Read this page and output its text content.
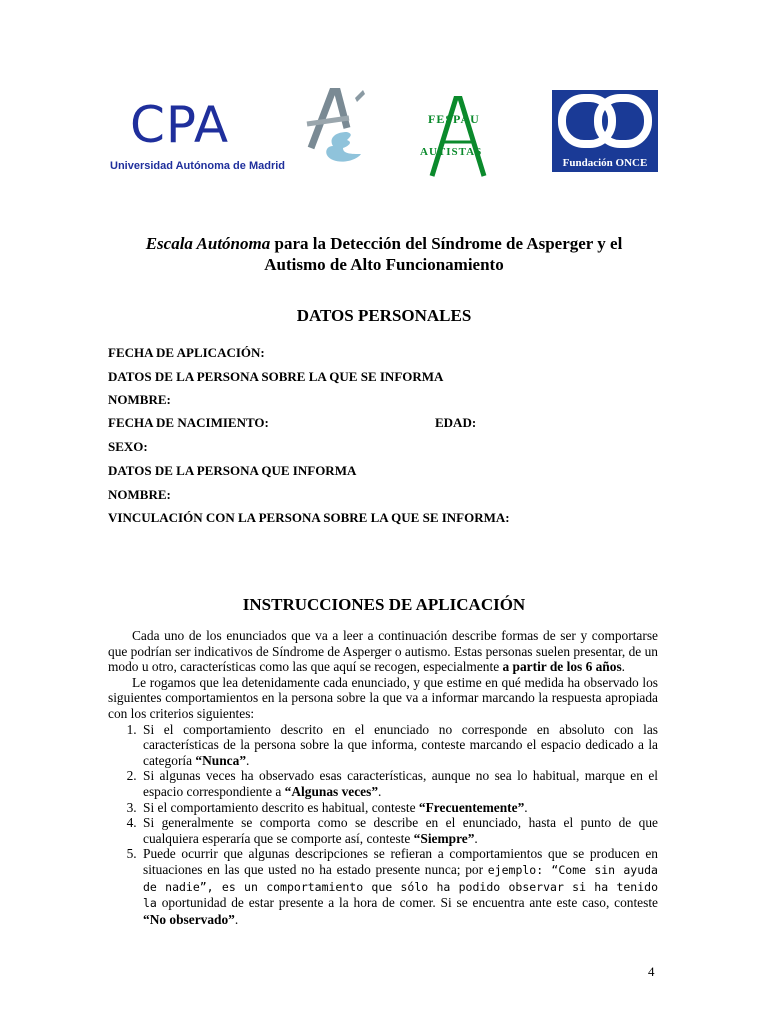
CPA
Universidad Autónoma de Madrid
FESPAU
AUTISTAS
Fundación ONCE
Escala Autónoma para la Detección del Síndrome de Asperger y el
Autismo de Alto Funcionamiento
DATOS PERSONALES
FECHA DE APLICACIÓN:
DATOS DE LA PERSONA SOBRE LA QUE SE INFORMA
NOMBRE:
FECHA DE NACIMIENTO:	EDAD:
SEXO:
DATOS DE LA PERSONA QUE INFORMA
NOMBRE:
VINCULACIÓN CON LA PERSONA SOBRE LA QUE SE INFORMA:
INSTRUCCIONES DE APLICACIÓN

Cada uno de los enunciados que va a leer a continuación describe formas de ser y comportarse que podrían ser indicativos de Síndrome de Asperger o autismo. Estas personas suelen presentar, de un modo u otro, características como las que aquí se recogen, especialmente a partir de los 6 años.

Le rogamos que lea detenidamente cada enunciado, y que estime en qué medida ha observado los siguientes comportamientos en la persona sobre la que va a informar marcando la respuesta apropiada con los criterios siguientes:

1. Si el comportamiento descrito en el enunciado no corresponde en absoluto con las características de la persona sobre la que informa, conteste marcando el espacio dedicado a la categoría “Nunca”.
2. Si algunas veces ha observado esas características, aunque no sea lo habitual, marque en el espacio correspondiente a “Algunas veces”.
3. Si el comportamiento descrito es habitual, conteste “Frecuentemente”.
4. Si generalmente se comporta como se describe en el enunciado, hasta el punto de que cualquiera esperaría que se comporte así, conteste “Siempre”.
5. Puede ocurrir que algunas descripciones se refieran a comportamientos que se producen en situaciones en las que usted no ha estado presente nunca; por ejemplo: “Come sin ayuda de nadie”, es un comportamiento que sólo ha podido observar si ha tenido la oportunidad de estar presente a la hora de comer. Si se encuentra ante este caso, conteste “No observado”.
4
